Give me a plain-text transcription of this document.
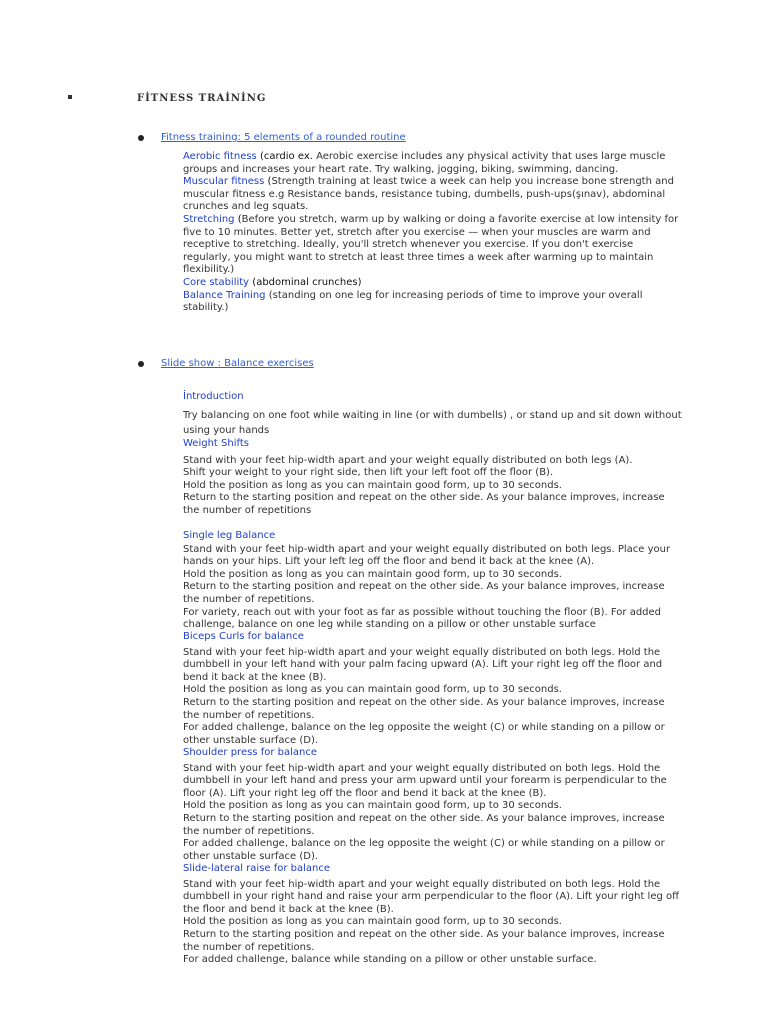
FİTNESS TRAİNİNG
Fitness training: 5 elements of a rounded routine

Aerobic fitness (cardio ex. Aerobic exercise includes any physical activity that uses large muscle groups and increases your heart rate. Try walking, jogging, biking, swimming, dancing.

Muscular fitness (Strength training at least twice a week can help you increase bone strength and muscular fitness e.g Resistance bands, resistance tubing, dumbells, push-ups(şınav), abdominal crunches and leg squats.

Stretching (Before you stretch, warm up by walking or doing a favorite exercise at low intensity for five to 10 minutes. Better yet, stretch after you exercise — when your muscles are warm and receptive to stretching. Ideally, you'll stretch whenever you exercise. If you don't exercise regularly, you might want to stretch at least three times a week after warming up to maintain flexibility.)

Core stability (abdominal crunches)

Balance Training (standing on one leg for increasing periods of time to improve your overall stability.)

Slide show : Balance exercises

İntroduction

Try balancing on one foot while waiting in line (or with dumbells) , or stand up and sit down without using your hands

Weight Shifts

Stand with your feet hip-width apart and your weight equally distributed on both legs (A).

Shift your weight to your right side, then lift your left foot off the floor (B).

Hold the position as long as you can maintain good form, up to 30 seconds.

Return to the starting position and repeat on the other side. As your balance improves, increase the number of repetitions

Single leg Balance

Stand with your feet hip-width apart and your weight equally distributed on both legs. Place your hands on your hips. Lift your left leg off the floor and bend it back at the knee (A).

Hold the position as long as you can maintain good form, up to 30 seconds.

Return to the starting position and repeat on the other side. As your balance improves, increase the number of repetitions.

For variety, reach out with your foot as far as possible without touching the floor (B). For added challenge, balance on one leg while standing on a pillow or other unstable surface

Biceps Curls for balance

Stand with your feet hip-width apart and your weight equally distributed on both legs. Hold the dumbbell in your left hand with your palm facing upward (A). Lift your right leg off the floor and bend it back at the knee (B).

Hold the position as long as you can maintain good form, up to 30 seconds.

Return to the starting position and repeat on the other side. As your balance improves, increase the number of repetitions.

For added challenge, balance on the leg opposite the weight (C) or while standing on a pillow or other unstable surface (D).

Shoulder press for balance

Stand with your feet hip-width apart and your weight equally distributed on both legs. Hold the dumbbell in your left hand and press your arm upward until your forearm is perpendicular to the floor (A). Lift your right leg off the floor and bend it back at the knee (B).

Hold the position as long as you can maintain good form, up to 30 seconds.

Return to the starting position and repeat on the other side. As your balance improves, increase the number of repetitions.

For added challenge, balance on the leg opposite the weight (C) or while standing on a pillow or other unstable surface (D).

Slide-lateral raise for balance

Stand with your feet hip-width apart and your weight equally distributed on both legs. Hold the dumbbell in your right hand and raise your arm perpendicular to the floor (A). Lift your right leg off the floor and bend it back at the knee (B).

Hold the position as long as you can maintain good form, up to 30 seconds.

Return to the starting position and repeat on the other side. As your balance improves, increase the number of repetitions.

For added challenge, balance while standing on a pillow or other unstable surface.
